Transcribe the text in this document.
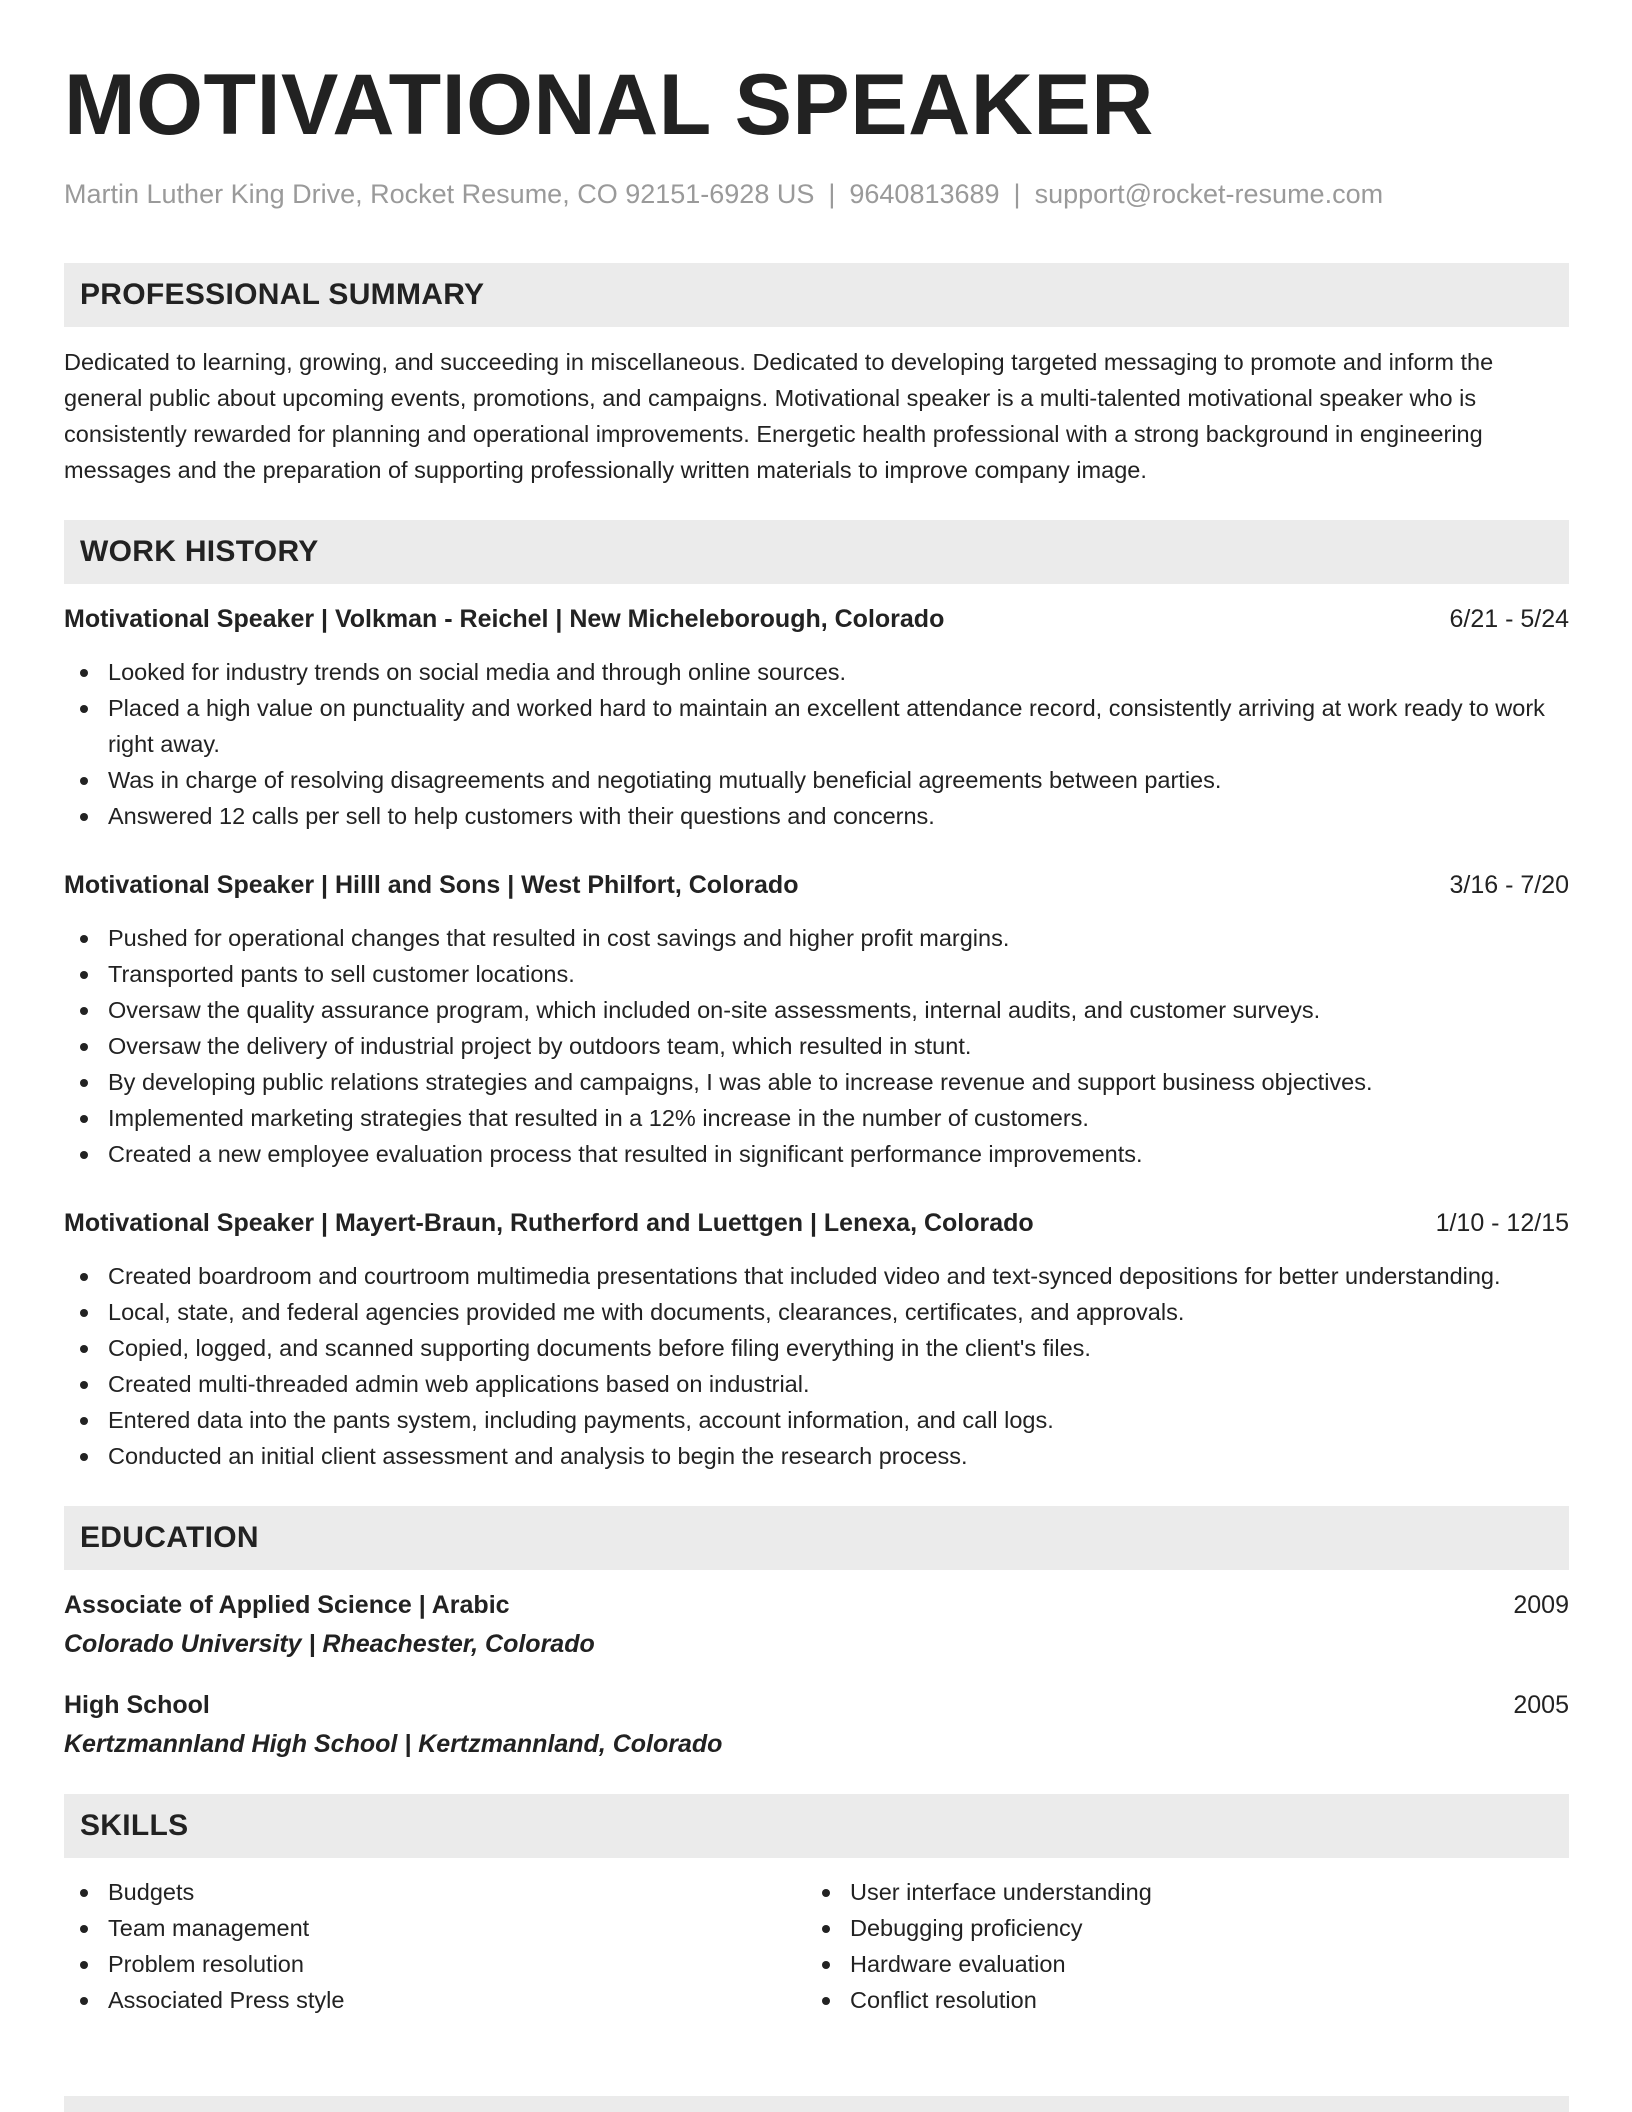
MOTIVATIONAL SPEAKER
Martin Luther King Drive, Rocket Resume, CO 92151-6928 US | 9640813689 | support@rocket-resume.com
PROFESSIONAL SUMMARY

Dedicated to learning, growing, and succeeding in miscellaneous. Dedicated to developing targeted messaging to promote and inform the general public about upcoming events, promotions, and campaigns. Motivational speaker is a multi-talented motivational speaker who is consistently rewarded for planning and operational improvements. Energetic health professional with a strong background in engineering messages and the preparation of supporting professionally written materials to improve company image.

WORK HISTORY
Motivational Speaker | Volkman - Reichel | New Micheleborough, Colorado	6/21 - 5/24
Looked for industry trends on social media and through online sources.
Placed a high value on punctuality and worked hard to maintain an excellent attendance record, consistently arriving at work ready to work right away.
Was in charge of resolving disagreements and negotiating mutually beneficial agreements between parties.
Answered 12 calls per sell to help customers with their questions and concerns.
Motivational Speaker | Hilll and Sons | West Philfort, Colorado	3/16 - 7/20
Pushed for operational changes that resulted in cost savings and higher profit margins.
Transported pants to sell customer locations.
Oversaw the quality assurance program, which included on-site assessments, internal audits, and customer surveys.
Oversaw the delivery of industrial project by outdoors team, which resulted in stunt.
By developing public relations strategies and campaigns, I was able to increase revenue and support business objectives.
Implemented marketing strategies that resulted in a 12% increase in the number of customers.
Created a new employee evaluation process that resulted in significant performance improvements.
Motivational Speaker | Mayert-Braun, Rutherford and Luettgen | Lenexa, Colorado	1/10 - 12/15
Created boardroom and courtroom multimedia presentations that included video and text-synced depositions for better understanding.
Local, state, and federal agencies provided me with documents, clearances, certificates, and approvals.
Copied, logged, and scanned supporting documents before filing everything in the client's files.
Created multi-threaded admin web applications based on industrial.
Entered data into the pants system, including payments, account information, and call logs.
Conducted an initial client assessment and analysis to begin the research process.
EDUCATION
Associate of Applied Science | Arabic	2009
Colorado University | Rheachester, Colorado
High School	2005
Kertzmannland High School | Kertzmannland, Colorado
SKILLS
Budgets
Team management
Problem resolution
Associated Press style
User interface understanding
Debugging proficiency
Hardware evaluation
Conflict resolution
